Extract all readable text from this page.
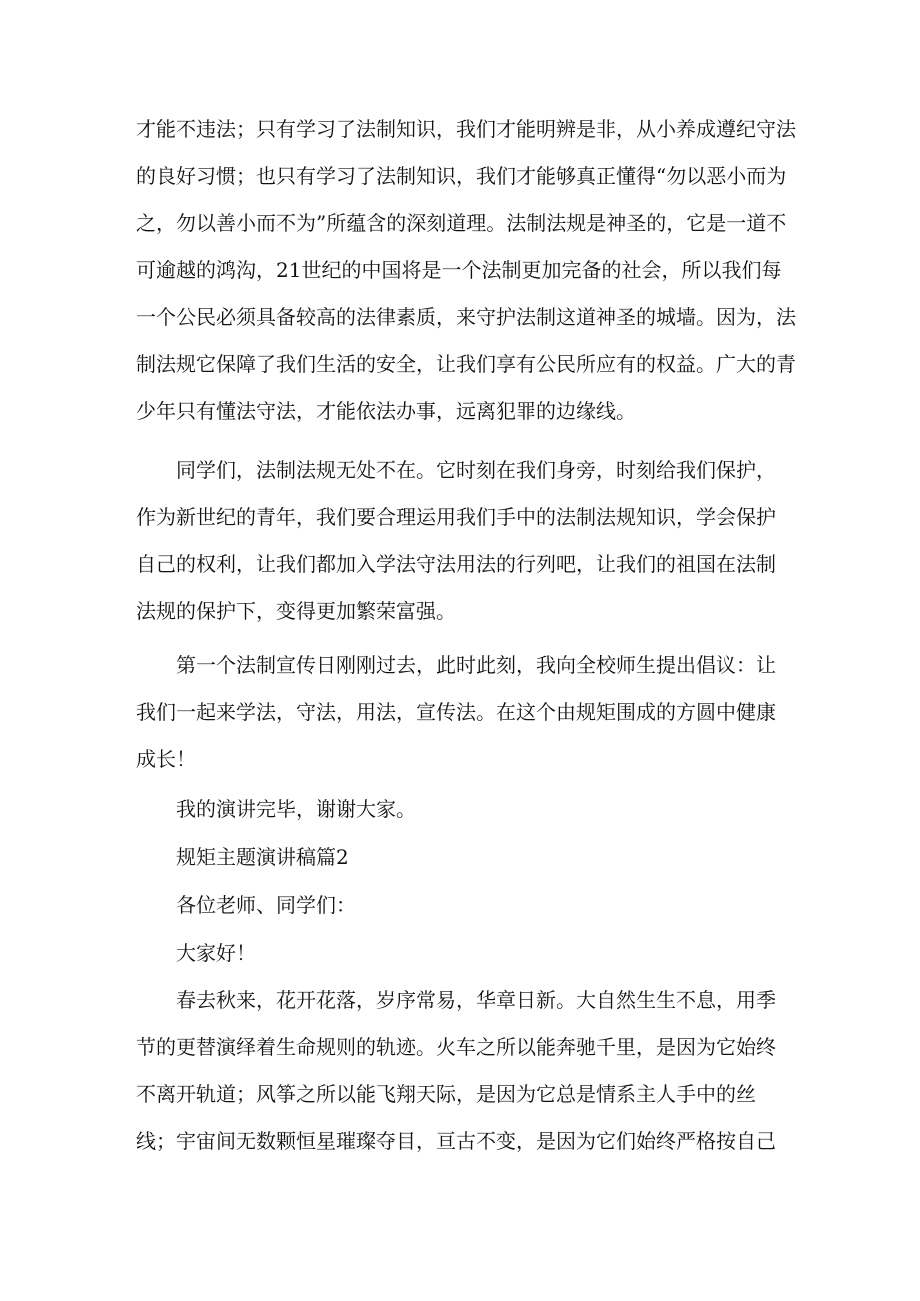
才能不违法；只有学习了法制知识，我们才能明辨是非，从小养成遵纪守法
的良好习惯；也只有学习了法制知识，我们才能够真正懂得“勿以恶小而为
之，勿以善小而不为”所蕴含的深刻道理。法制法规是神圣的，它是一道不
可逾越的鸿沟，21世纪的中国将是一个法制更加完备的社会，所以我们每
一个公民必须具备较高的法律素质，来守护法制这道神圣的城墙。因为，法
制法规它保障了我们生活的安全，让我们享有公民所应有的权益。广大的青
少年只有懂法守法，才能依法办事，远离犯罪的边缘线。
同学们，法制法规无处不在。它时刻在我们身旁，时刻给我们保护，
作为新世纪的青年，我们要合理运用我们手中的法制法规知识，学会保护
自己的权利，让我们都加入学法守法用法的行列吧，让我们的祖国在法制
法规的保护下，变得更加繁荣富强。
第一个法制宣传日刚刚过去，此时此刻，我向全校师生提出倡议：让
我们一起来学法，守法，用法，宣传法。在这个由规矩围成的方圆中健康
成长！
我的演讲完毕，谢谢大家。
规矩主题演讲稿篇2
各位老师、同学们：
大家好！
春去秋来，花开花落，岁序常易，华章日新。大自然生生不息，用季
节的更替演绎着生命规则的轨迹。火车之所以能奔驰千里，是因为它始终
不离开轨道；风筝之所以能飞翔天际，是因为它总是情系主人手中的丝
线；宇宙间无数颗恒星璀璨夺目，亘古不变，是因为它们始终严格按自己
